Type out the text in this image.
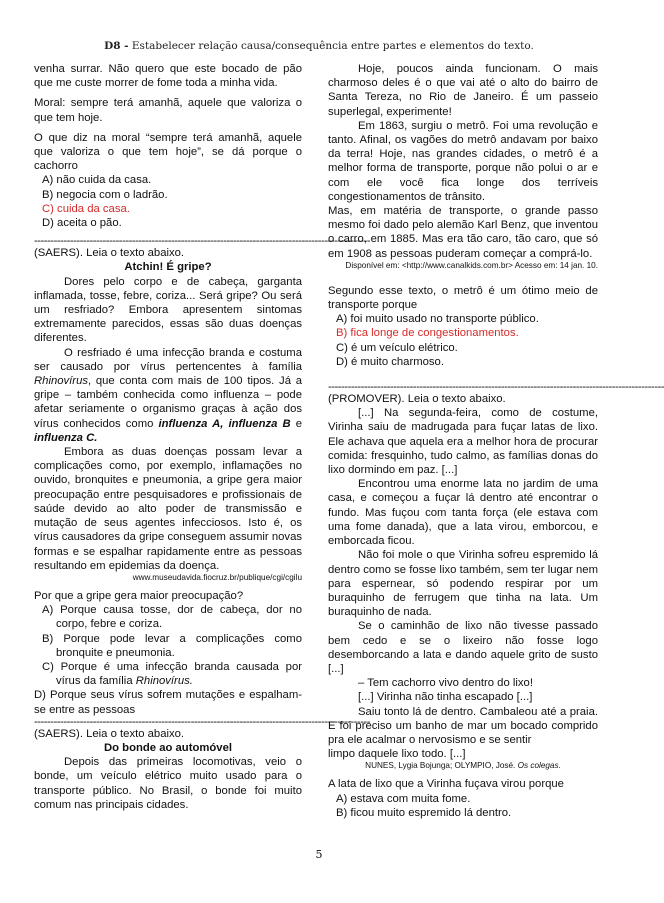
D8 - Estabelecer relação causa/consequência entre partes e elementos do texto.

venha surrar. Não quero que este bocado de pão que me custe morrer de fome toda a minha vida.

Moral: sempre terá amanhã, aquele que valoriza o que tem hoje.

O que diz na moral “sempre terá amanhã, aquele que valoriza o que tem hoje”, se dá porque o cachorro

A) não cuida da casa.

B) negocia com o ladrão.

C) cuida da casa.

D) aceita o pão.

-------------------------------------------------------------------------------------------------------

(SAERS). Leia o texto abaixo.

Atchin! É gripe?

Dores pelo corpo e de cabeça, garganta inflamada, tosse, febre, coriza... Será gripe? Ou será um resfriado? Embora apresentem sintomas extremamente parecidos, essas são duas doenças diferentes.

O resfriado é uma infecção branda e costuma ser causado por vírus pertencentes à família Rhinovírus, que conta com mais de 100 tipos. Já a gripe – também conhecida como influenza – pode afetar seriamente o organismo graças à ação dos vírus conhecidos como influenza A, influenza B e influenza C.

Embora as duas doenças possam levar a complicações como, por exemplo, inflamações no ouvido, bronquites e pneumonia, a gripe gera maior preocupação entre pesquisadores e profissionais de saúde devido ao alto poder de transmissão e mutação de seus agentes infecciosos. Isto é, os vírus causadores da gripe conseguem assumir novas formas e se espalhar rapidamente entre as pessoas resultando em epidemias da doença.

www.museudavida.fiocruz.br/publique/cgi/cgilu

Por que a gripe gera maior preocupação?

A) Porque causa tosse, dor de cabeça, dor no corpo, febre e coriza.

B) Porque pode levar a complicações como bronquite e pneumonia.

C) Porque é uma infecção branda causada por vírus da família Rhinovírus.

D) Porque seus vírus sofrem mutações e espalham-se entre as pessoas

-------------------------------------------------------------------------------------------------------

(SAERS). Leia o texto abaixo.

Do bonde ao automóvel

Depois das primeiras locomotivas, veio o bonde, um veículo elétrico muito usado para o transporte público. No Brasil, o bonde foi muito comum nas principais cidades.

Hoje, poucos ainda funcionam. O mais charmoso deles é o que vai até o alto do bairro de Santa Tereza, no Rio de Janeiro. É um passeio superlegal, experimente!

Em 1863, surgiu o metrô. Foi uma revolução e tanto. Afinal, os vagões do metrô andavam por baixo da terra! Hoje, nas grandes cidades, o metrô é a melhor forma de transporte, porque não polui o ar e com ele você fica longe dos terríveis congestionamentos de trânsito.

Mas, em matéria de transporte, o grande passo mesmo foi dado pelo alemão Karl Benz, que inventou o carro, em 1885. Mas era tão caro, tão caro, que só em 1908 as pessoas puderam começar a comprá-lo.

Disponível em: <http://www.canalkids.com.br> Acesso em: 14 jan. 10.

Segundo esse texto, o metrô é um ótimo meio de transporte porque

A) foi muito usado no transporte público.

B) fica longe de congestionamentos.

C) é um veículo elétrico.

D) é muito charmoso.

-------------------------------------------------------------------------------------------------------

(PROMOVER). Leia o texto abaixo.

[...] Na segunda-feira, como de costume, Virinha saiu de madrugada para fuçar latas de lixo. Ele achava que aquela era a melhor hora de procurar comida: fresquinho, tudo calmo, as famílias donas do lixo dormindo em paz. [...]

Encontrou uma enorme lata no jardim de uma casa, e começou a fuçar lá dentro até encontrar o fundo. Mas fuçou com tanta força (ele estava com uma fome danada), que a lata virou, emborcou, e emborcada ficou.

Não foi mole o que Virinha sofreu espremido lá dentro como se fosse lixo também, sem ter lugar nem para espernear, só podendo respirar por um buraquinho de ferrugem que tinha na lata. Um buraquinho de nada.

Se o caminhão de lixo não tivesse passado bem cedo e se o lixeiro não fosse logo desemborcando a lata e dando aquele grito de susto [...]

– Tem cachorro vivo dentro do lixo!

[...] Virinha não tinha escapado [...]

Saiu tonto lá de dentro. Cambaleou até a praia. E foi preciso um banho de mar um bocado comprido pra ele acalmar o nervosismo e se sentir

limpo daquele lixo todo. [...]

NUNES, Lygia Bojunga; OLYMPIO, José. Os colegas.

A lata de lixo que a Virinha fuçava virou porque

A) estava com muita fome.

B) ficou muito espremido lá dentro.

5
